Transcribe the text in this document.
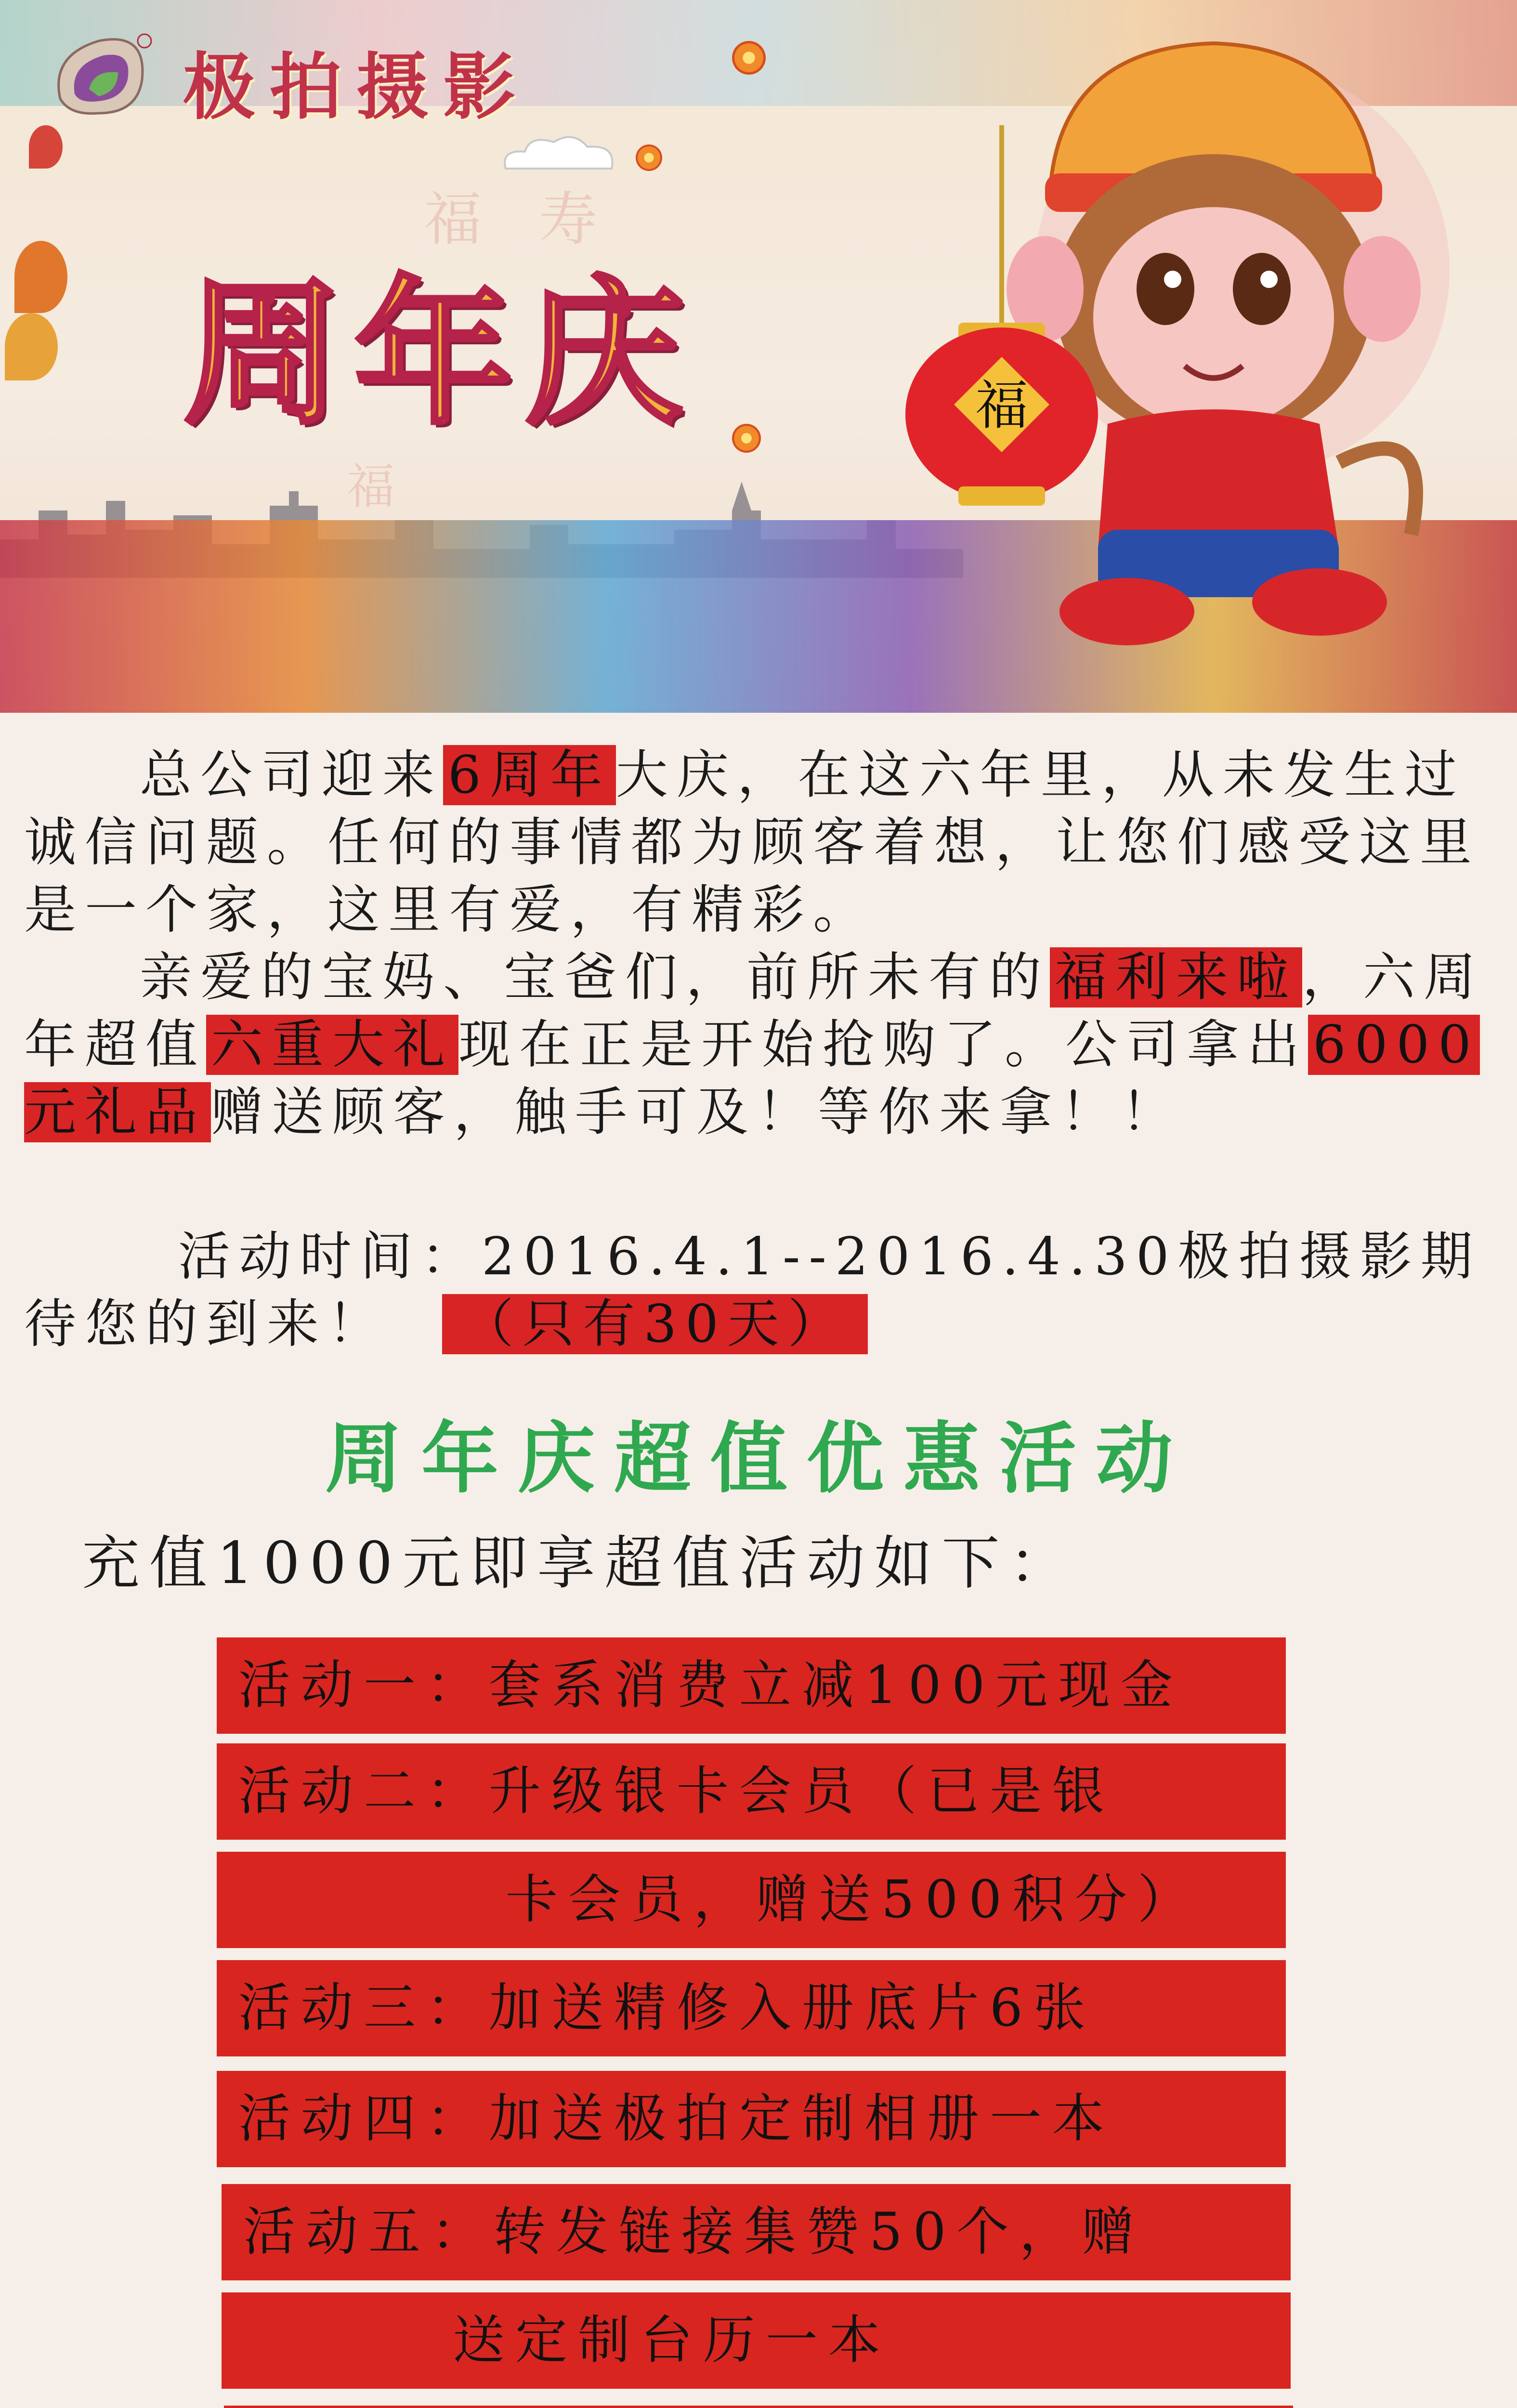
福 寿
福
极拍摄影
周年庆	福
总公司迎来6周年大庆，在这六年里，从未发生过诚信问题。任何的事情都为顾客着想，让您们感受这里是一个家，这里有爱，有精彩。
亲爱的宝妈、宝爸们，前所未有的福利来啦，六周年超值六重大礼现在正是开始抢购了。公司拿出6000元礼品赠送顾客，触手可及！等你来拿！！
活动时间：2016.4.1--2016.4.30极拍摄影期待您的到来！ （只有30天）
周年庆超值优惠活动
充值1000元即享超值活动如下：
活动一：套系消费立减100元现金
活动二：升级银卡会员（已是银
卡会员，赠送500积分）
活动三：加送精修入册底片6张
活动四：加送极拍定制相册一本
活动五：转发链接集赞50个，赠
送定制台历一本
